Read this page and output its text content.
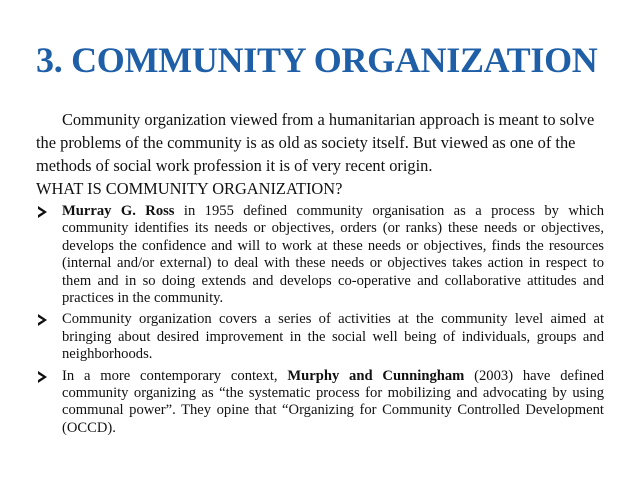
3. COMMUNITY ORGANIZATION
Community organization viewed from a humanitarian approach is meant to solve the problems of the community is as old as society itself. But viewed as one of the methods of social work profession it is of very recent origin.
WHAT IS COMMUNITY ORGANIZATION?
Murray G. Ross in 1955 defined community organisation as a process by which community identifies its needs or objectives, orders (or ranks) these needs or objectives, develops the confidence and will to work at these needs or objectives, finds the resources (internal and/or external) to deal with these needs or objectives takes action in respect to them and in so doing extends and develops co-operative and collaborative attitudes and practices in the community.
Community organization covers a series of activities at the community level aimed at bringing about desired improvement in the social well being of individuals, groups and neighborhoods.
In a more contemporary context, Murphy and Cunningham (2003) have defined community organizing as “the systematic process for mobilizing and advocating by using communal power”. They opine that “Organizing for Community Controlled Development (OCCD).
